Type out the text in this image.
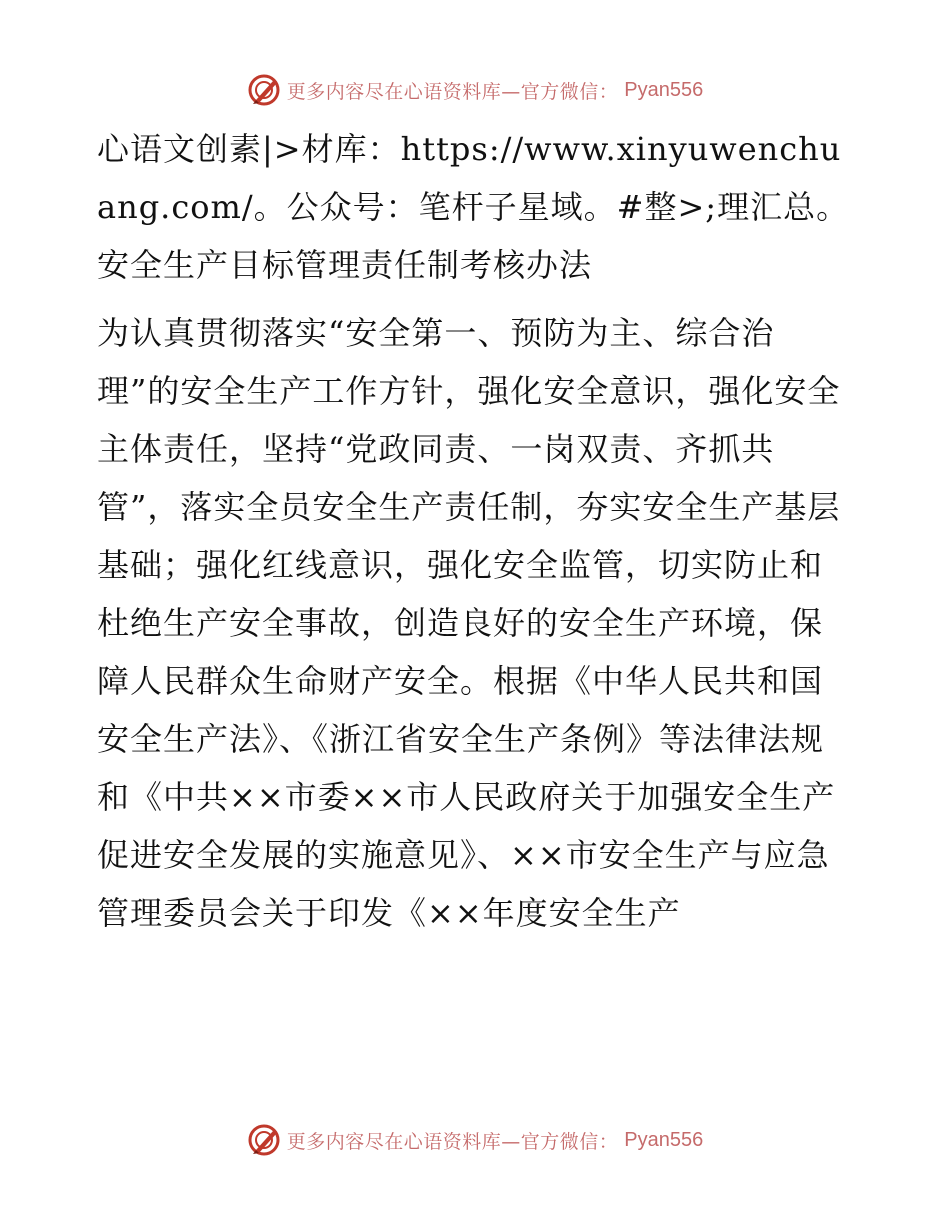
更多内容尽在心语资料库—官方微信： Pyan556

心语文创素|>材库：https://www.xinyuwenchuang.com/。公众号：笔杆子星域。#整>;理汇总。安全生产目标管理责任制考核办法

为认真贯彻落实“安全第一、预防为主、综合治理”的安全生产工作方针，强化安全意识，强化安全主体责任，坚持“党政同责、一岗双责、齐抓共管”，落实全员安全生产责任制，夯实安全生产基层基础；强化红线意识，强化安全监管，切实防止和杜绝生产安全事故，创造良好的安全生产环境，保障人民群众生命财产安全。根据《中华人民共和国安全生产法》、《浙江省安全生产条例》等法律法规和《中共××市委××市人民政府关于加强安全生产促进安全发展的实施意见》、××市安全生产与应急管理委员会关于印发《××年度安全生产

更多内容尽在心语资料库—官方微信： Pyan556
